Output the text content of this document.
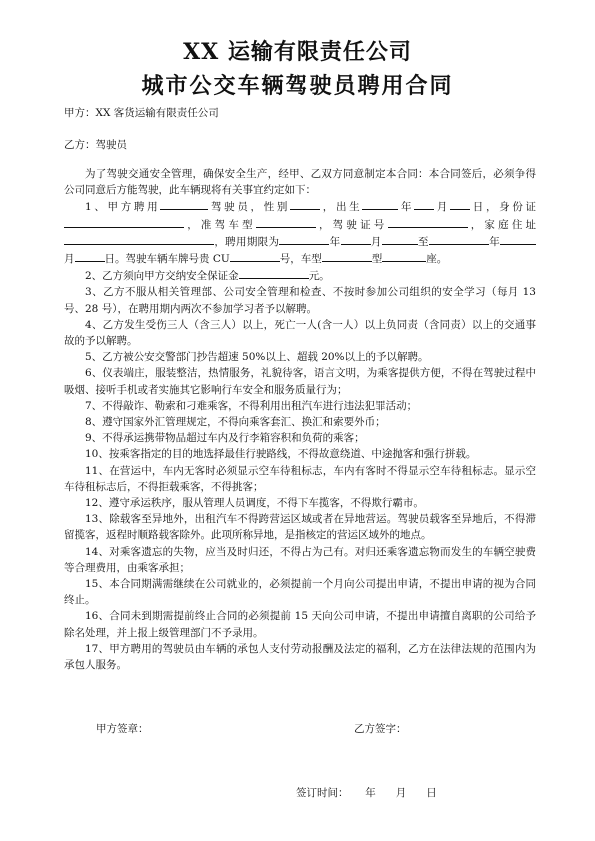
XX 运输有限责任公司
城市公交车辆驾驶员聘用合同
甲方：XX 客货运输有限责任公司
乙方：驾驶员

为了驾驶交通安全管理，确保安全生产，经甲、乙双方同意制定本合同：本合同签后，必须争得公司同意后方能驾驶，此车辆现将有关事宜约定如下：

1、甲方聘用	驾驶员，性别	，出生	年 月 日，身份证，准驾车型	，驾驶证号	，家庭住址，聘用期限为	年	月	至	年月	日。驾驶车辆车牌号贵 CU	号，车型	型	座。

2、乙方须向甲方交纳安全保证金	元。

3、乙方不服从相关管理部、公司安全管理和检查、不按时参加公司组织的安全学习（每月 13 号、28 号），在聘用期内两次不参加学习者予以解聘。

4、乙方发生受伤三人（含三人）以上，死亡一人(含一人）以上负同责（含同责）以上的交通事故的予以解聘。

5、乙方被公安交警部门抄告超速 50%以上、超载 20%以上的予以解聘。

6、仪表端庄，服装整洁，热情服务，礼貌待客，语言文明，为乘客提供方便，不得在驾驶过程中吸烟、接听手机或者实施其它影响行车安全和服务质量行为；

7、不得敲诈、勒索和刁难乘客，不得利用出租汽车进行违法犯罪活动；

8、遵守国家外汇管理规定，不得向乘客套汇、换汇和索要外币；

9、不得承运携带物品超过车内及行李箱容积和负荷的乘客；

10、按乘客指定的目的地选择最佳行驶路线，不得故意绕道、中途抛客和强行拼载。

11、在营运中，车内无客时必须显示空车待租标志，车内有客时不得显示空车待租标志。显示空车待租标志后，不得拒载乘客，不得挑客；

12、遵守承运秩序，服从管理人员调度，不得下车揽客，不得欺行霸市。

13、除载客至异地外，出租汽车不得跨营运区域或者在异地营运。驾驶员载客至异地后，不得滞留揽客，返程时顺路载客除外。此项所称异地，是指核定的营运区域外的地点。

14、对乘客遗忘的失物，应当及时归还，不得占为己有。对归还乘客遗忘物而发生的车辆空驶费等合理费用，由乘客承担；

15、本合同期满需继续在公司就业的，必须提前一个月向公司提出申请，不提出申请的视为合同终止。

16、合同未到期需提前终止合同的必须提前 15 天向公司申请，不提出申请擅自离职的公司给予除名处理，并上报上级管理部门不予录用。

17、甲方聘用的驾驶员由车辆的承包人支付劳动报酬及法定的福利，乙方在法律法规的范围内为承包人服务。

甲方签章：	乙方签字：
签订时间：     年      月      日
